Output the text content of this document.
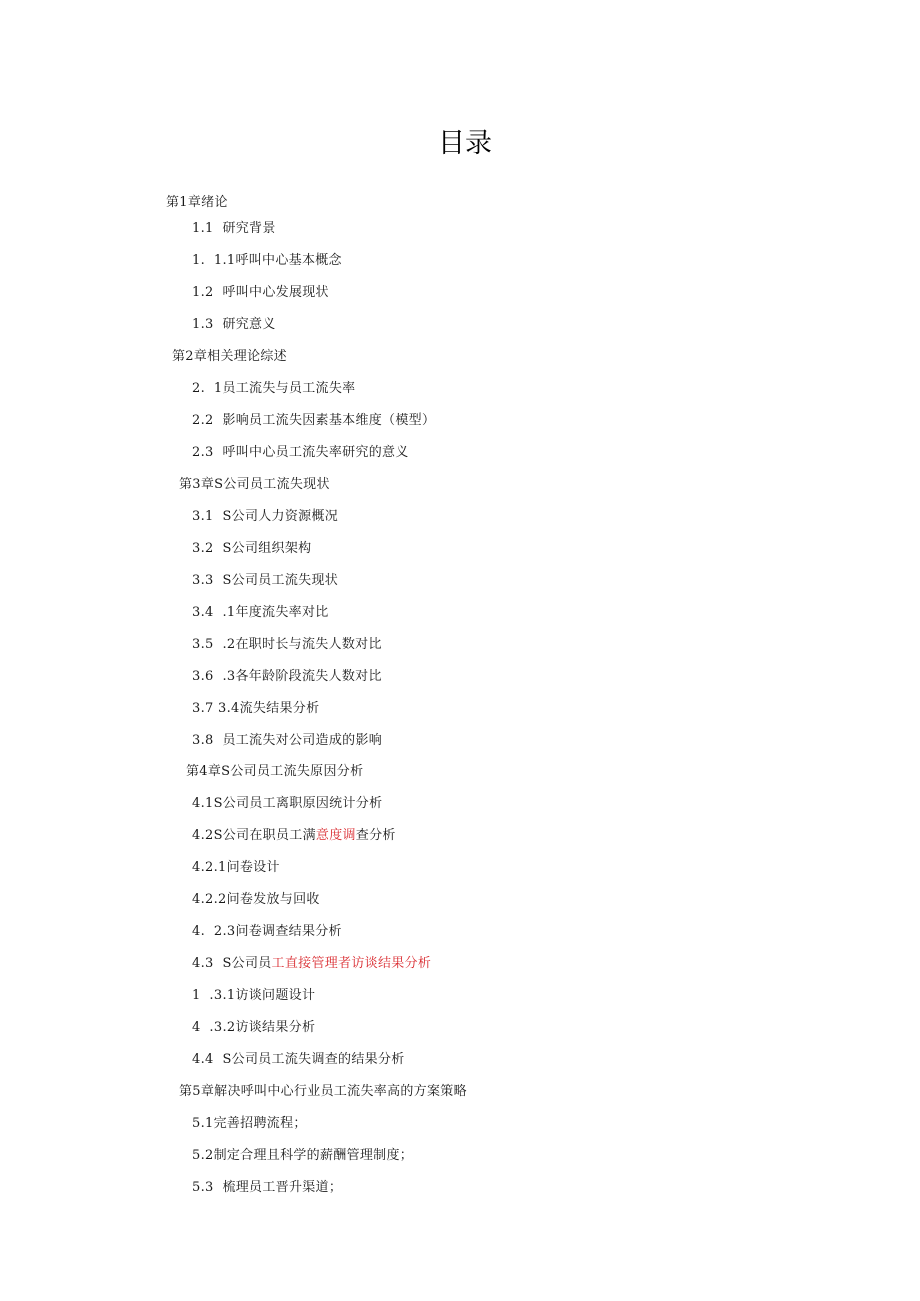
目录
第1章绪论
1.1  研究背景
1.  1.1呼叫中心基本概念
1.2  呼叫中心发展现状
1.3  研究意义
第2章相关理论综述
2.  1员工流失与员工流失率
2.2  影响员工流失因素基本维度（模型）
2.3  呼叫中心员工流失率研究的意义
第3章S公司员工流失现状
3.1  S公司人力资源概况
3.2  S公司组织架构
3.3  S公司员工流失现状
3.4  .1年度流失率对比
3.5  .2在职时长与流失人数对比
3.6  .3各年龄阶段流失人数对比
3.7 3.4流失结果分析
3.8  员工流失对公司造成的影响
第4章S公司员工流失原因分析
4.1S公司员工离职原因统计分析
4.2S公司在职员工满意度调查分析
4.2.1问卷设计
4.2.2问卷发放与回收
4.  2.3问卷调查结果分析
4.3  S公司员工直接管理者访谈结果分析
1  .3.1访谈问题设计
4  .3.2访谈结果分析
4.4  S公司员工流失调查的结果分析
第5章解决呼叫中心行业员工流失率高的方案策略
5.1完善招聘流程；
5.2制定合理且科学的薪酬管理制度；
5.3  梳理员工晋升渠道；
